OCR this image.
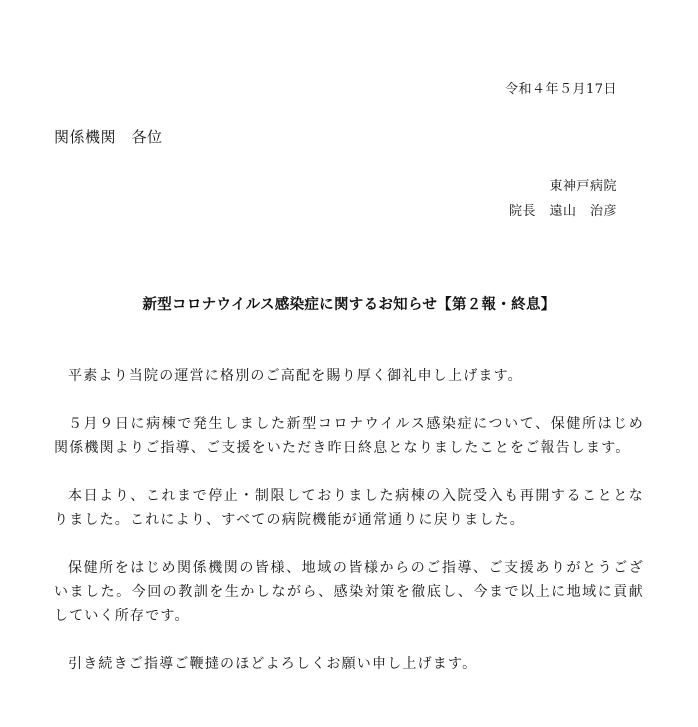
令和４年５月17日
関係機関　各位
東神戸病院
院長　遠山　治彦
新型コロナウイルス感染症に関するお知らせ【第２報・終息】

平素より当院の運営に格別のご高配を賜り厚く御礼申し上げます。

５月９日に病棟で発生しました新型コロナウイルス感染症について、保健所はじめ関係機関よりご指導、ご支援をいただき昨日終息となりましたことをご報告します。

本日より、これまで停止・制限しておりました病棟の入院受入も再開することとなりました。これにより、すべての病院機能が通常通りに戻りました。

保健所をはじめ関係機関の皆様、地域の皆様からのご指導、ご支援ありがとうございました。今回の教訓を生かしながら、感染対策を徹底し、今まで以上に地域に貢献していく所存です。

引き続きご指導ご鞭撻のほどよろしくお願い申し上げます。
